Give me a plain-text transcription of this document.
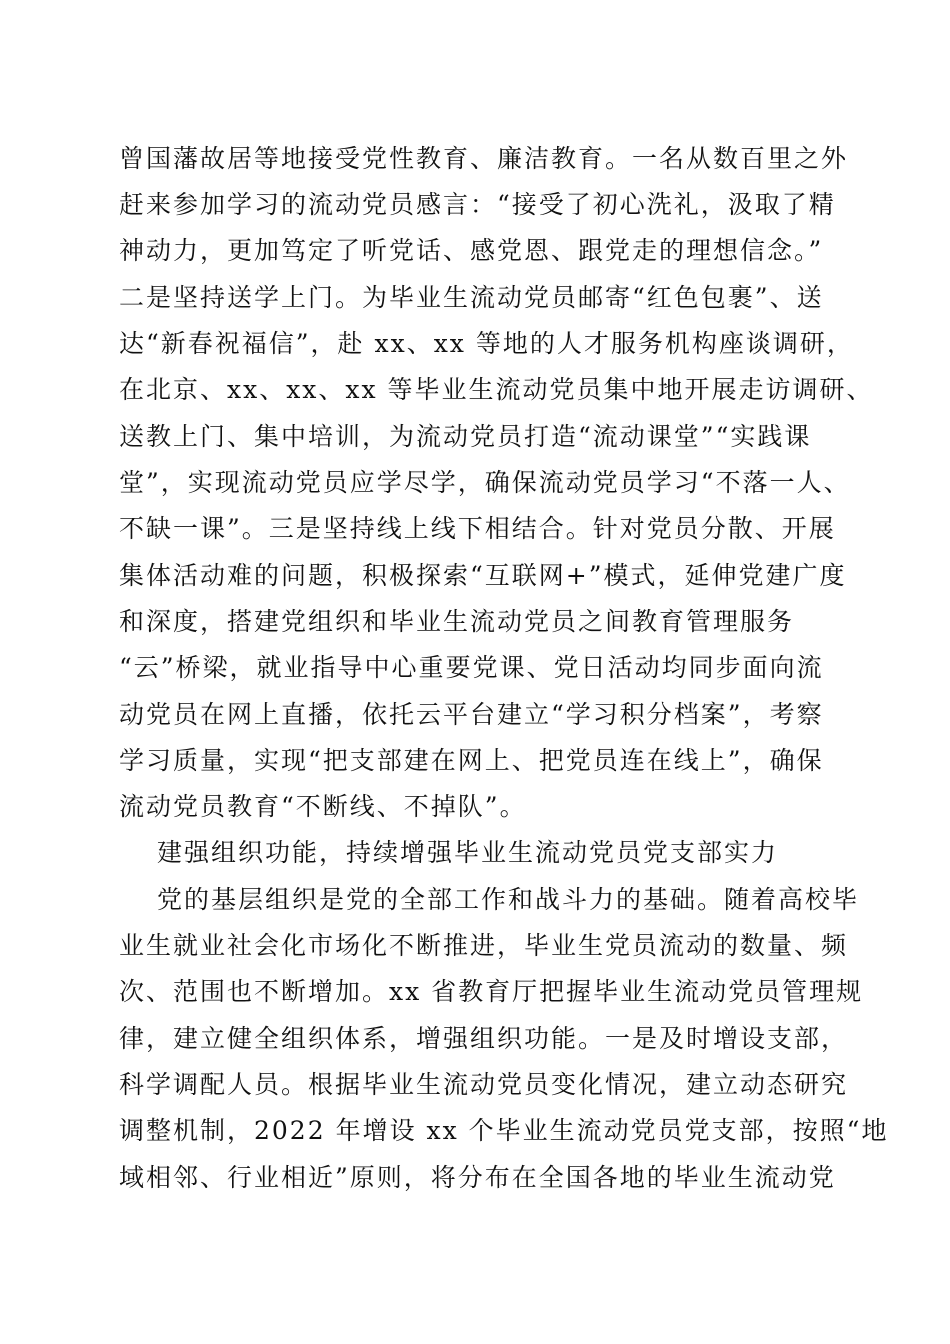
曾国藩故居等地接受党性教育、廉洁教育。一名从数百里之外
赶来参加学习的流动党员感言：“接受了初心洗礼，汲取了精
神动力，更加笃定了听党话、感党恩、跟党走的理想信念。”
二是坚持送学上门。为毕业生流动党员邮寄“红色包裹”、送
达“新春祝福信”，赴 xx、xx 等地的人才服务机构座谈调研，
在北京、xx、xx、xx 等毕业生流动党员集中地开展走访调研、
送教上门、集中培训，为流动党员打造“流动课堂”“实践课
堂”，实现流动党员应学尽学，确保流动党员学习“不落一人、
不缺一课”。三是坚持线上线下相结合。针对党员分散、开展
集体活动难的问题，积极探索“互联网+”模式，延伸党建广度
和深度，搭建党组织和毕业生流动党员之间教育管理服务
“云”桥梁，就业指导中心重要党课、党日活动均同步面向流
动党员在网上直播，依托云平台建立“学习积分档案”，考察
学习质量，实现“把支部建在网上、把党员连在线上”，确保
流动党员教育“不断线、不掉队”。
建强组织功能，持续增强毕业生流动党员党支部实力
党的基层组织是党的全部工作和战斗力的基础。随着高校毕
业生就业社会化市场化不断推进，毕业生党员流动的数量、频
次、范围也不断增加。xx 省教育厅把握毕业生流动党员管理规
律，建立健全组织体系，增强组织功能。一是及时增设支部，
科学调配人员。根据毕业生流动党员变化情况，建立动态研究
调整机制，2022 年增设 xx 个毕业生流动党员党支部，按照“地
域相邻、行业相近”原则，将分布在全国各地的毕业生流动党
